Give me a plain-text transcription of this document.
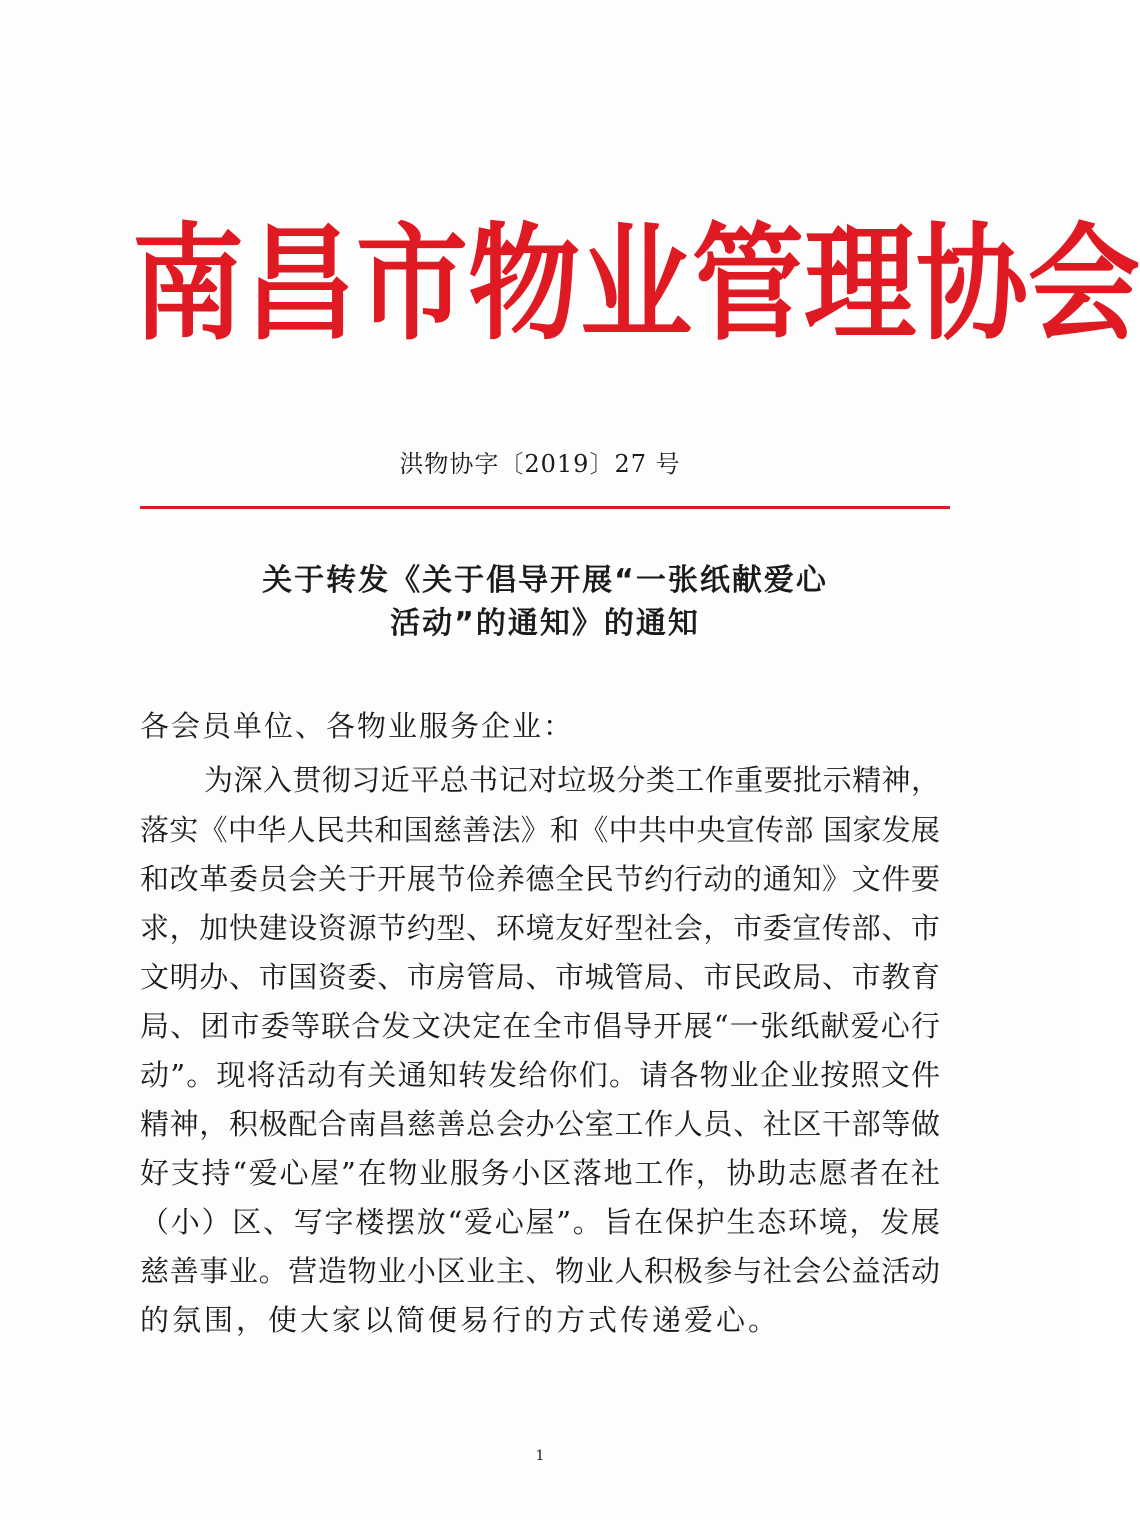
南 昌 市 物 业 管 理 协 会
洪物协字〔2019〕27 号
关于转发《关于倡导开展“一张纸献爱心
活动”的通知》的通知
各会员单位、各物业服务企业：
为深入贯彻习近平总书记对垃圾分类工作重要批示精神，
落实《中华人民共和国慈善法》和《中共中央宣传部 国家发展
和改革委员会关于开展节俭养德全民节约行动的通知》文件要
求，加快建设资源节约型、环境友好型社会，市委宣传部、市
文明办、市国资委、市房管局、市城管局、市民政局、市教育
局、团市委等联合发文决定在全市倡导开展“一张纸献爱心行
动”。现将活动有关通知转发给你们。请各物业企业按照文件
精神，积极配合南昌慈善总会办公室工作人员、社区干部等做
好支持“爱心屋”在物业服务小区落地工作，协助志愿者在社
（小）区、写字楼摆放“爱心屋”。旨在保护生态环境，发展
慈善事业。营造物业小区业主、物业人积极参与社会公益活动
的氛围，使大家以简便易行的方式传递爱心。
1
